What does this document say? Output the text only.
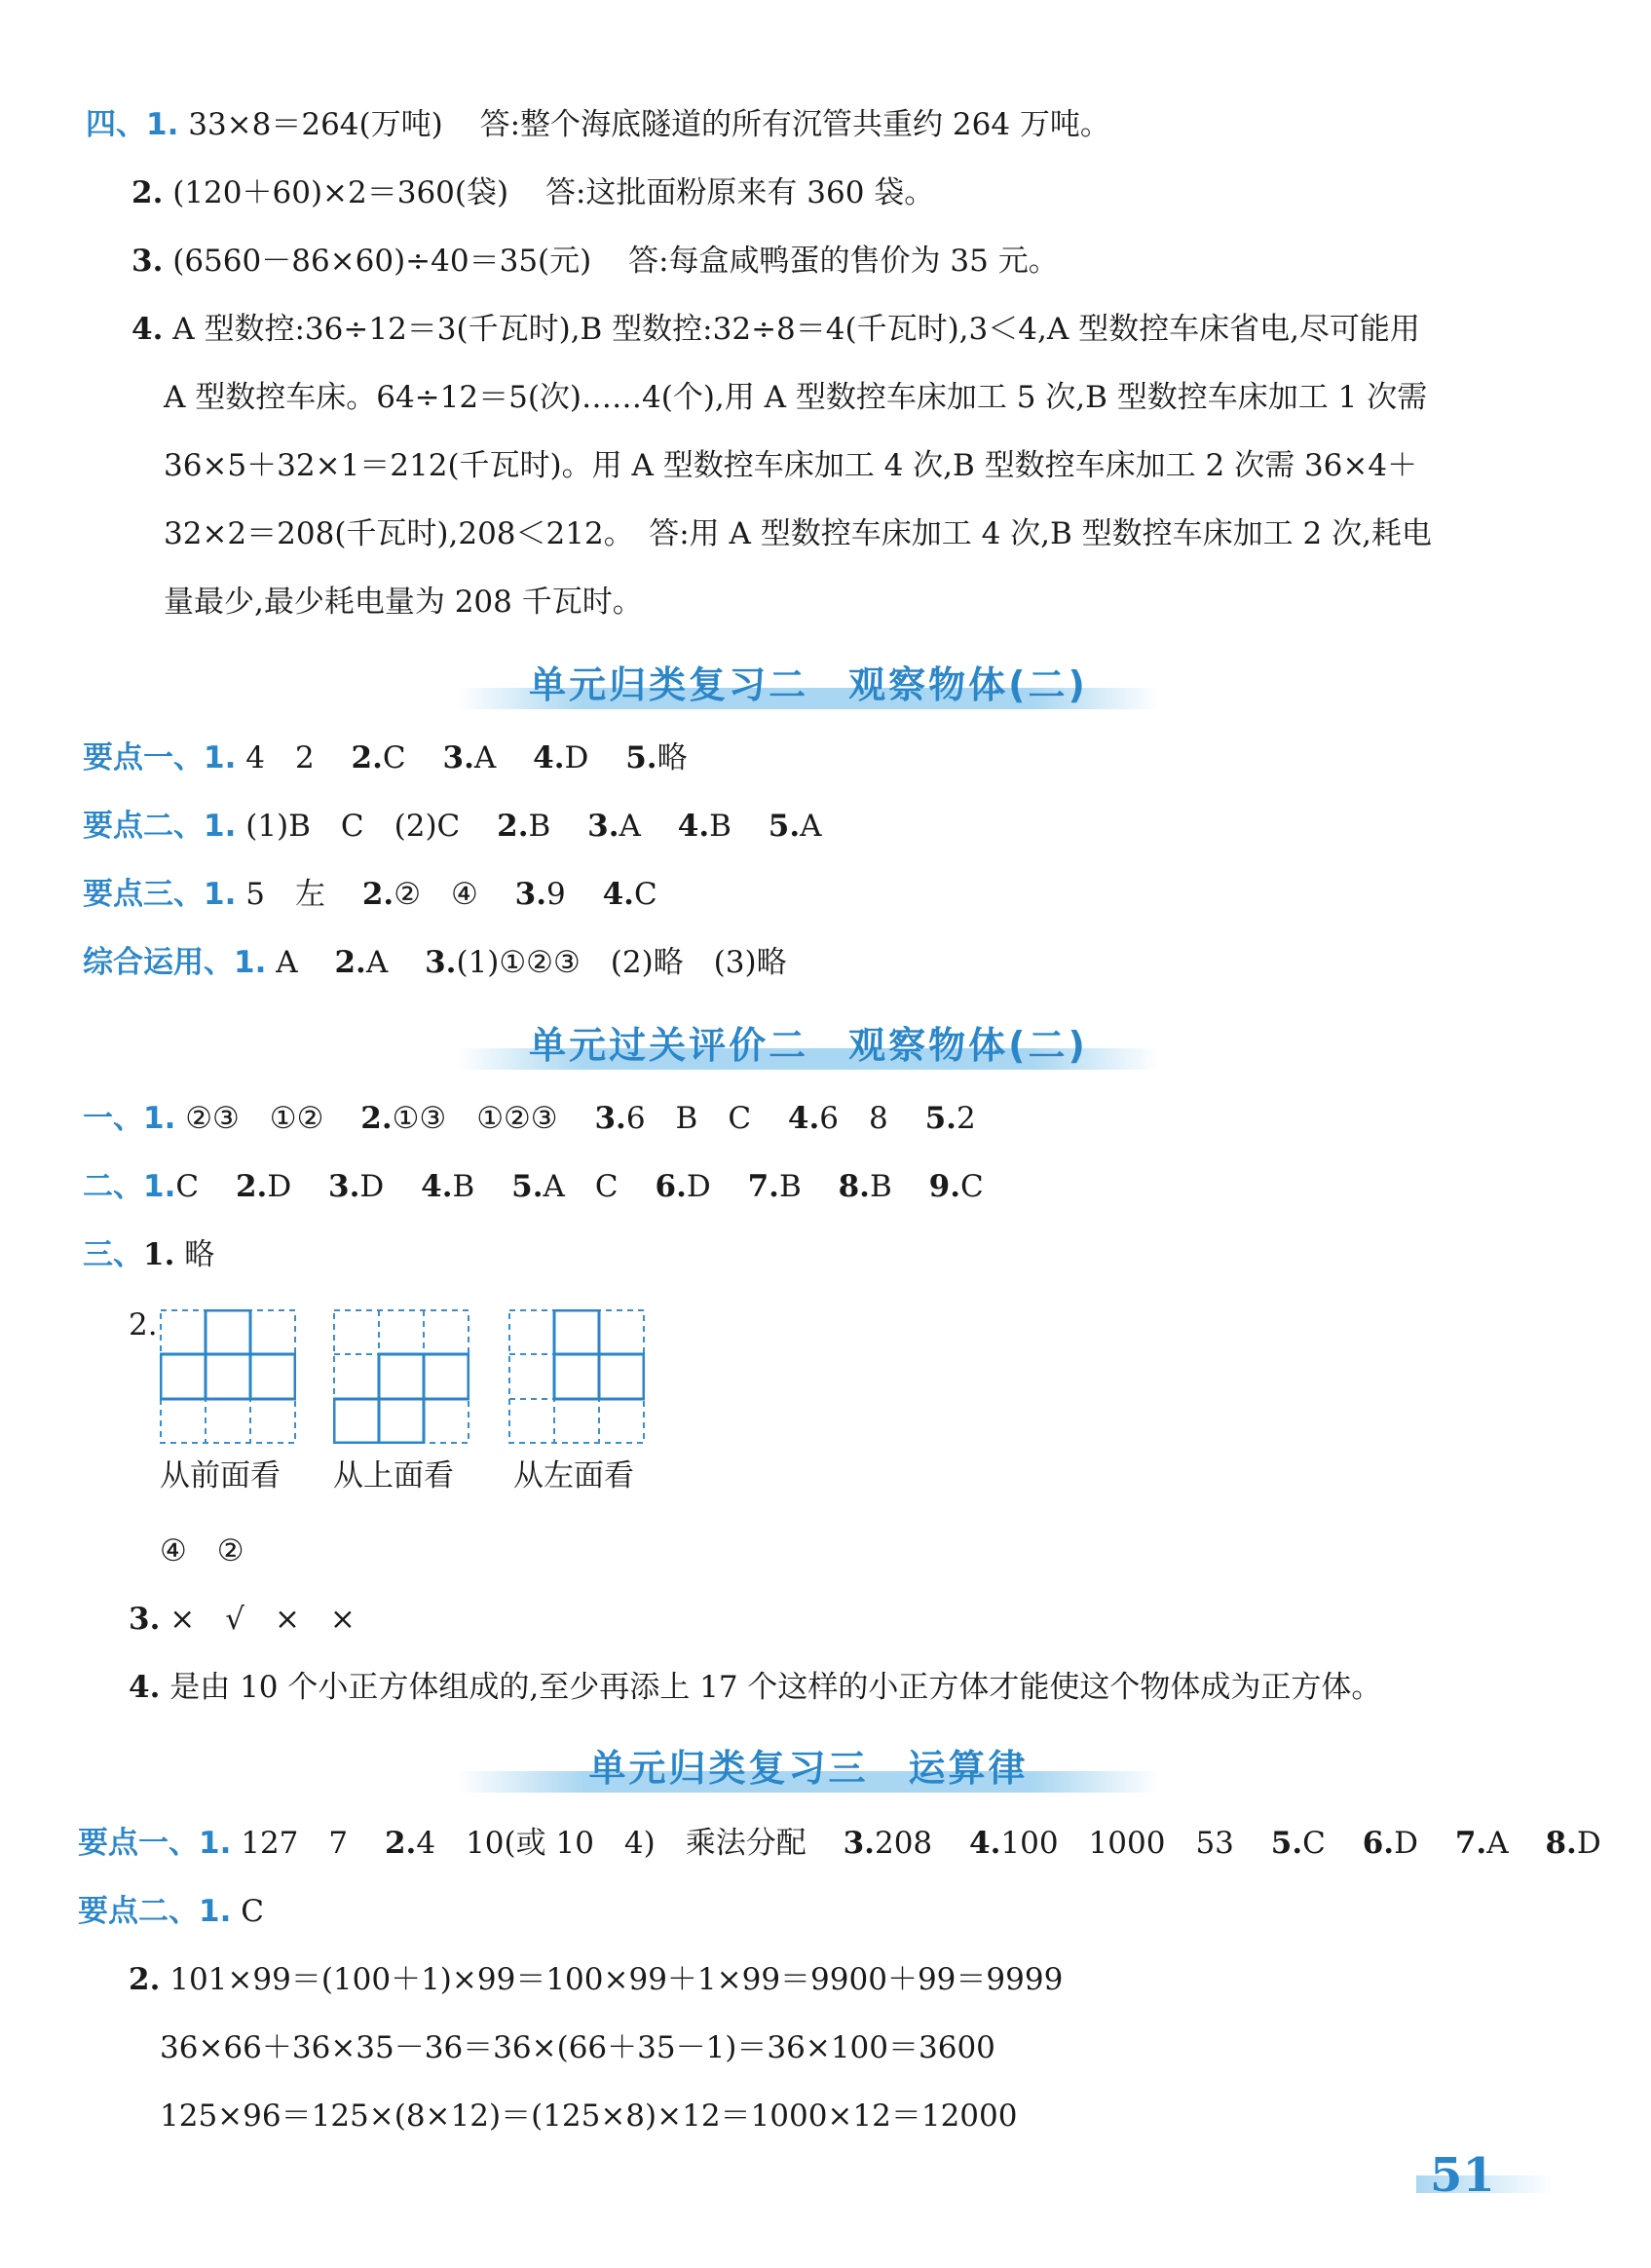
四、1. 33×8＝264(万吨) 答:整个海底隧道的所有沉管共重约 264 万吨。
2. (120＋60)×2＝360(袋) 答:这批面粉原来有 360 袋。
3. (6560－86×60)÷40＝35(元) 答:每盒咸鸭蛋的售价为 35 元。
4. A 型数控:36÷12＝3(千瓦时),B 型数控:32÷8＝4(千瓦时),3＜4,A 型数控车床省电,尽可能用
A 型数控车床。64÷12＝5(次)……4(个),用 A 型数控车床加工 5 次,B 型数控车床加工 1 次需
36×5＋32×1＝212(千瓦时)。用 A 型数控车床加工 4 次,B 型数控车床加工 2 次需 36×4＋
32×2＝208(千瓦时),208＜212。　答:用 A 型数控车床加工 4 次,B 型数控车床加工 2 次,耗电
量最少,最少耗电量为 208 千瓦时。
单元归类复习二　观察物体(二)
要点一、1. 4　2 2.C 3.A 4.D 5.略
要点二、1. (1)B　C　(2)C 2.B 3.A 4.B 5.A
要点三、1. 5　左 2.②　④ 3.9 4.C
综合运用、1. A 2.A 3.(1)①②③　(2)略　(3)略
单元过关评价二　观察物体(二)
一、1. ②③　①② 2.①③　①②③ 3.6　B　C 4.6　8 5.2
二、1.C 2.D 3.D 4.B 5.A　C 6.D 7.B 8.B 9.C
三、1. 略
2.
从前面看 从上面看 从左面看
④　②
3. ×　√　×　×
4. 是由 10 个小正方体组成的,至少再添上 17 个这样的小正方体才能使这个物体成为正方体。
单元归类复习三　运算律
要点一、1. 127　7 2.4　10(或 10　4)　乘法分配 3.208 4.100　1000　53 5.C 6.D 7.A 8.D
要点二、1. C
2. 101×99＝(100＋1)×99＝100×99＋1×99＝9900＋99＝9999
36×66＋36×35－36＝36×(66＋35－1)＝36×100＝3600
125×96＝125×(8×12)＝(125×8)×12＝1000×12＝12000
51
